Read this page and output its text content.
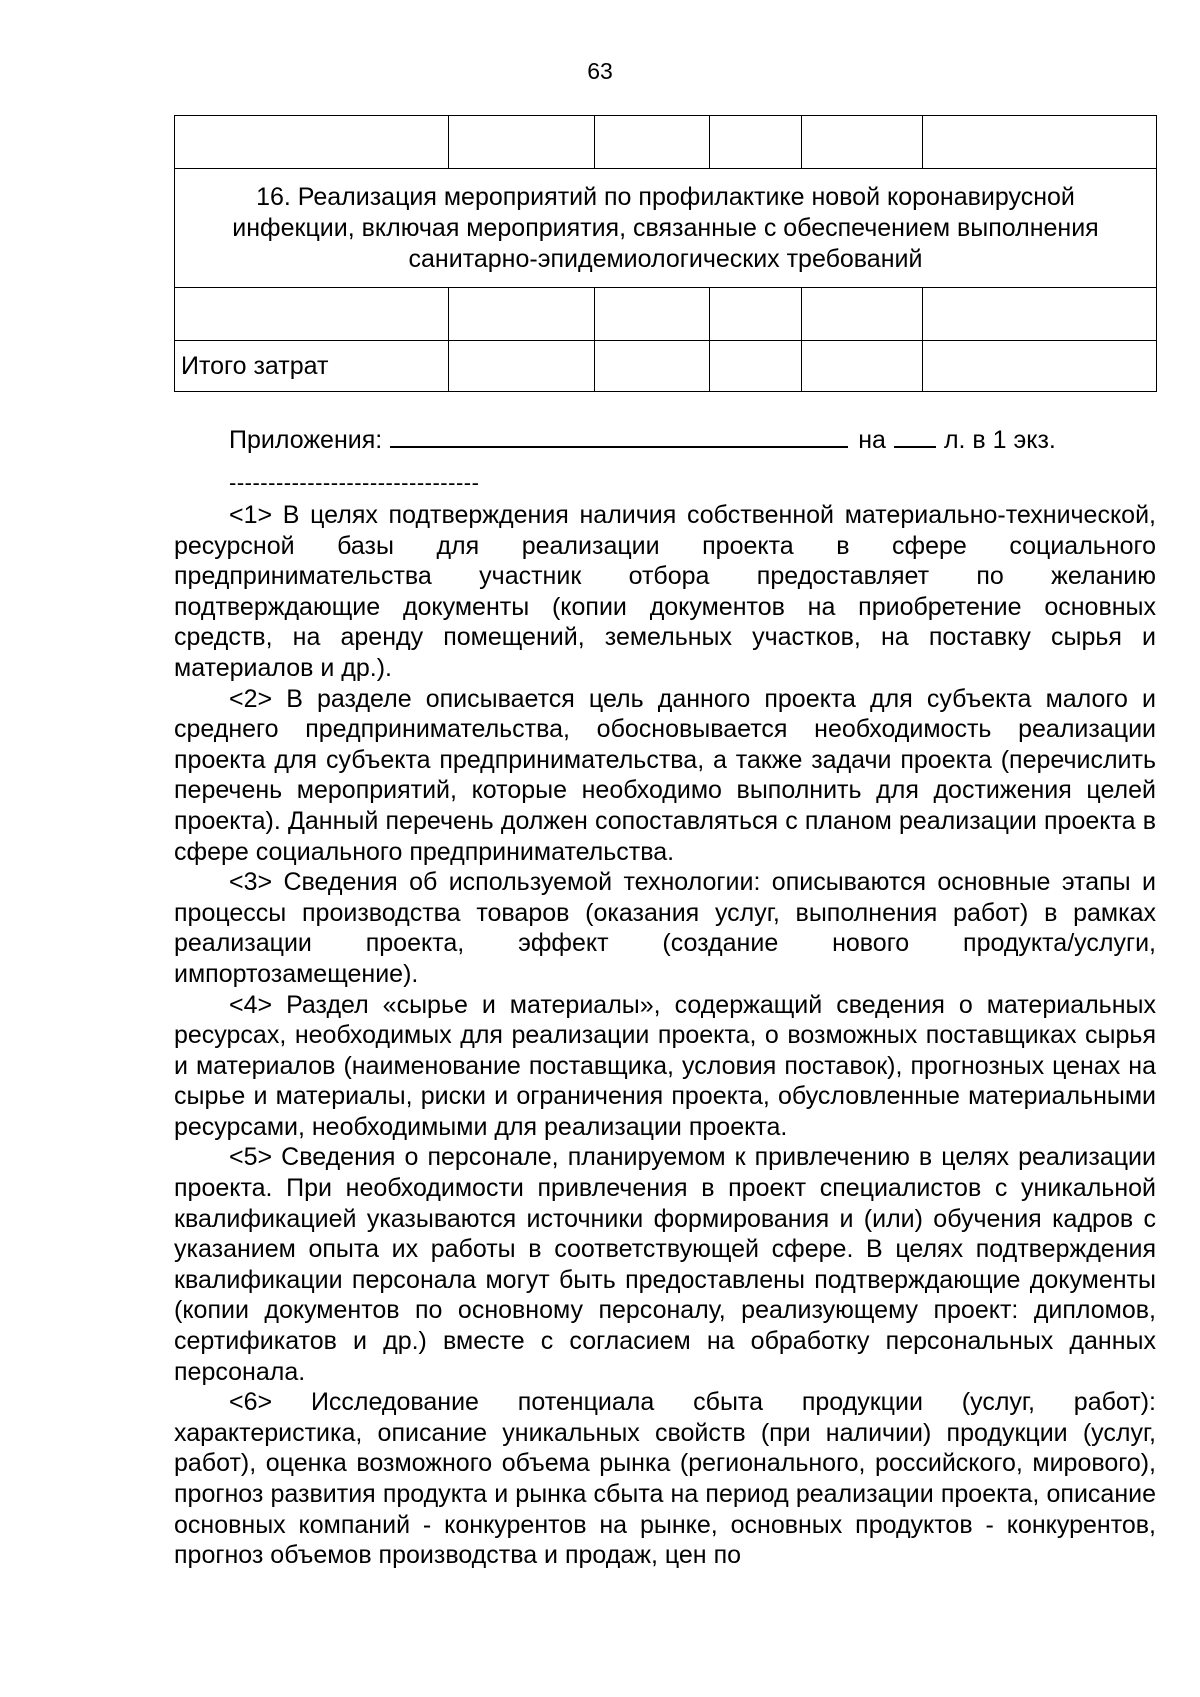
63

16. Реализация мероприятий по профилактике новой коронавирусной инфекции, включая мероприятия, связанные с обеспечением выполнения санитарно-эпидемиологических требований					

Итого затрат					
Приложения:	на л. в 1 экз.
--------------------------------

<1> В целях подтверждения наличия собственной материально-технической, ресурсной базы для реализации проекта в сфере социального предпринимательства участник отбора предоставляет по желанию подтверждающие документы (копии документов на приобретение основных средств, на аренду помещений, земельных участков, на поставку сырья и материалов и др.).

<2> В разделе описывается цель данного проекта для субъекта малого и среднего предпринимательства, обосновывается необходимость реализации проекта для субъекта предпринимательства, а также задачи проекта (перечислить перечень мероприятий, которые необходимо выполнить для достижения целей проекта). Данный перечень должен сопоставляться с планом реализации проекта в сфере социального предпринимательства.

<3> Сведения об используемой технологии: описываются основные этапы и процессы производства товаров (оказания услуг, выполнения работ) в рамках реализации проекта, эффект (создание нового продукта/услуги, импортозамещение).

<4> Раздел «сырье и материалы», содержащий сведения о материальных ресурсах, необходимых для реализации проекта, о возможных поставщиках сырья и материалов (наименование поставщика, условия поставок), прогнозных ценах на сырье и материалы, риски и ограничения проекта, обусловленные материальными ресурсами, необходимыми для реализации проекта.

<5> Сведения о персонале, планируемом к привлечению в целях реализации проекта. При необходимости привлечения в проект специалистов с уникальной квалификацией указываются источники формирования и (или) обучения кадров с указанием опыта их работы в соответствующей сфере. В целях подтверждения квалификации персонала могут быть предоставлены подтверждающие документы (копии документов по основному персоналу, реализующему проект: дипломов, сертификатов и др.) вместе с согласием на обработку персональных данных персонала.

<6> Исследование потенциала сбыта продукции (услуг, работ): характеристика, описание уникальных свойств (при наличии) продукции (услуг, работ), оценка возможного объема рынка (регионального, российского, мирового), прогноз развития продукта и рынка сбыта на период реализации проекта, описание основных компаний - конкурентов на рынке, основных продуктов - конкурентов, прогноз объемов производства и продаж, цен по
